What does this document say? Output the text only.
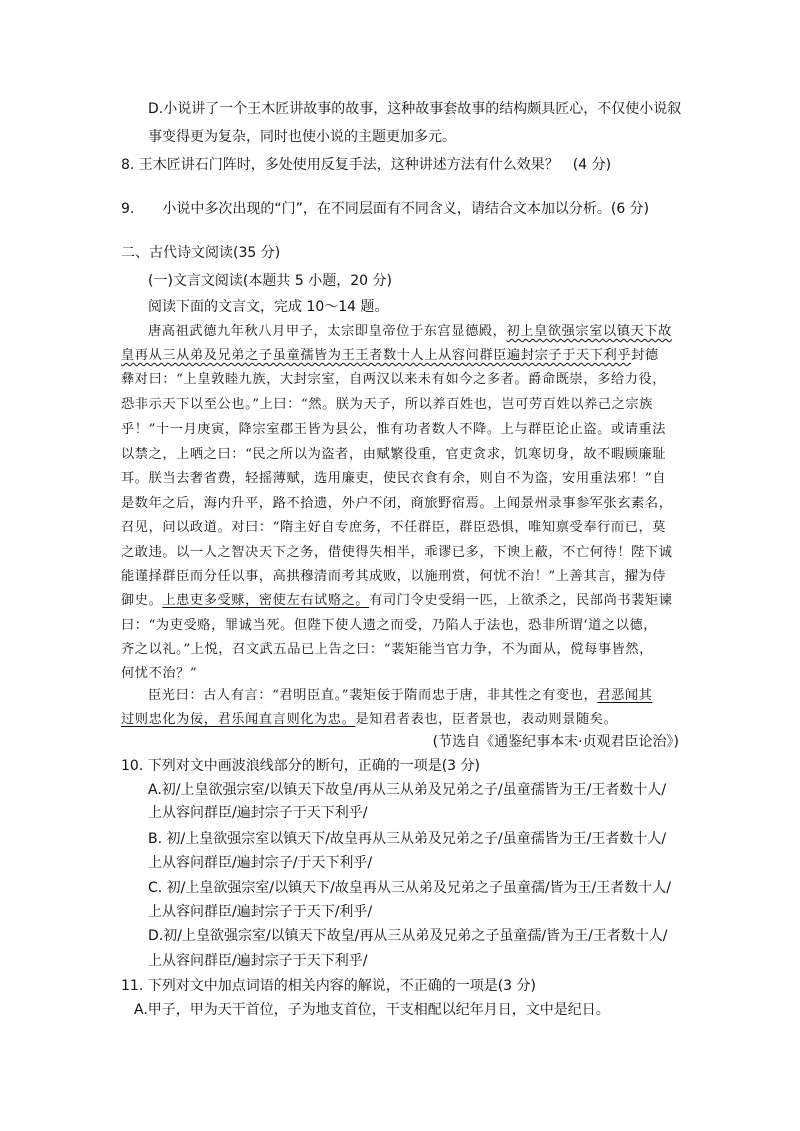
D.小说讲了一个王木匠讲故事的故事，这种故事套故事的结构颇具匠心，不仅使小说叙
事变得更为复杂，同时也使小说的主题更加多元。
8. 王木匠讲石门阵时，多处使用反复手法，这种讲述方法有什么效果？　(4 分)
9.　　小说中多次出现的“门”，在不同层面有不同含义，请结合文本加以分析。(6 分)
二、古代诗文阅读(35 分)
(一)文言文阅读(本题共 5 小题，20 分)
阅读下面的文言文，完成 10～14 题。
唐高祖武德九年秋八月甲子，太宗即皇帝位于东宫显德殿，初上皇欲强宗室以镇天下故
皇再从三从弟及兄弟之子虽童孺皆为王王者数十人上从容问群臣遍封宗子于天下利乎封德
彝对曰：“上皇敦睦九族，大封宗室，自两汉以来未有如今之多者。爵命既崇，多给力役，
恐非示天下以至公也。”上曰：“然。朕为天子，所以养百姓也，岂可劳百姓以养己之宗族
乎！”十一月庚寅，降宗室郡王皆为县公，惟有功者数人不降。上与群臣论止盗。或请重法
以禁之，上哂之曰：“民之所以为盗者，由赋繁役重，官吏贪求，饥寒切身，故不暇顾廉耻
耳。朕当去奢省费，轻摇薄赋，选用廉吏，使民衣食有余，则自不为盗，安用重法邪！”自
是数年之后，海内升平，路不拾遗，外户不闭，商旅野宿焉。上闻景州录事参军张玄素名，
召见，问以政道。对曰：“隋主好自专庶务，不任群臣，群臣恐惧，唯知禀受奉行而已，莫
之敢违。以一人之智决天下之务，借使得失相半，乖谬已多，下谀上蔽，不亡何待！陛下诚
能谨择群臣而分任以事，高拱穆清而考其成败，以施刑赏，何忧不治！”上善其言，擢为侍
御史。上患吏多受赇，密使左右试赂之。有司门令史受绢一匹，上欲杀之，民部尚书裴矩谏
曰：“为吏受赂，罪诚当死。但陛下使人遗之而受，乃陷人于法也，恐非所谓‘道之以德，
齐之以礼。”上悦，召文武五品已上告之曰：“裴矩能当官力争，不为面从，傥每事皆然，
何忧不治？”
臣光曰：古人有言：“君明臣直。”裴矩佞于隋而忠于唐，非其性之有变也，君恶闻其
过则忠化为佞，君乐闻直言则化为忠。是知君者表也，臣者景也，表动则景随矣。
(节选自《通鉴纪事本末·贞观君臣论治》)
10. 下列对文中画波浪线部分的断句，正确的一项是(3 分)
A.初/上皇欲强宗室/以镇天下故皇/再从三从弟及兄弟之子/虽童孺皆为王/王者数十人/
上从容问群臣/遍封宗子于天下利乎/
B. 初/上皇欲强宗室以镇天下/故皇再从三从弟及兄弟之子/虽童孺皆为王/王者数十人/
上从容问群臣/遍封宗子/于天下利乎/
C. 初/上皇欲强宗室/以镇天下/故皇再从三从弟及兄弟之子虽童孺/皆为王/王者数十人/
上从容问群臣/遍封宗子于天下/利乎/
D.初/上皇欲强宗室/以镇天下故皇/再从三从弟及兄弟之子虽童孺/皆为王/王者数十人/
上从容问群臣/遍封宗子于天下利乎/
11. 下列对文中加点词语的相关内容的解说，不正确的一项是(3 分)
A.甲子，甲为天干首位，子为地支首位，干支相配以纪年月日，文中是纪日。
